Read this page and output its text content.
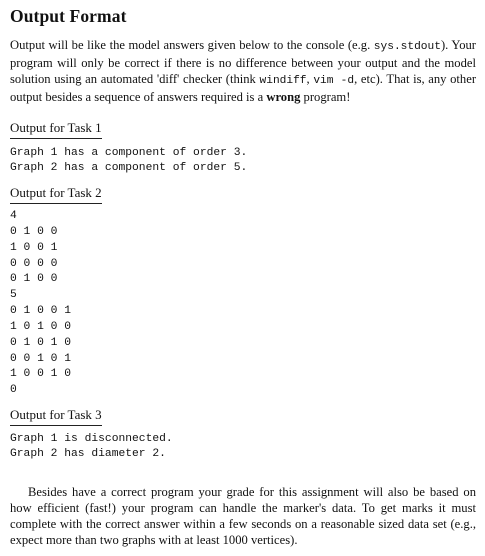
Output Format
Output will be like the model answers given below to the console (e.g. sys.stdout). Your program will only be correct if there is no difference between your output and the model solution using an automated 'diff' checker (think windiff, vim -d, etc). That is, any other output besides a sequence of answers required is a wrong program!
Output for Task 1
Graph 1 has a component of order 3.
Graph 2 has a component of order 5.
Output for Task 2
4
0 1 0 0
1 0 0 1
0 0 0 0
0 1 0 0
5
0 1 0 0 1
1 0 1 0 0
0 1 0 1 0
0 0 1 0 1
1 0 0 1 0
0
Output for Task 3
Graph 1 is disconnected.
Graph 2 has diameter 2.
Besides have a correct program your grade for this assignment will also be based on how efficient (fast!) your program can handle the marker's data. To get marks it must complete with the correct answer within a few seconds on a reasonable sized data set (e.g., expect more than two graphs with at least 1000 vertices).
